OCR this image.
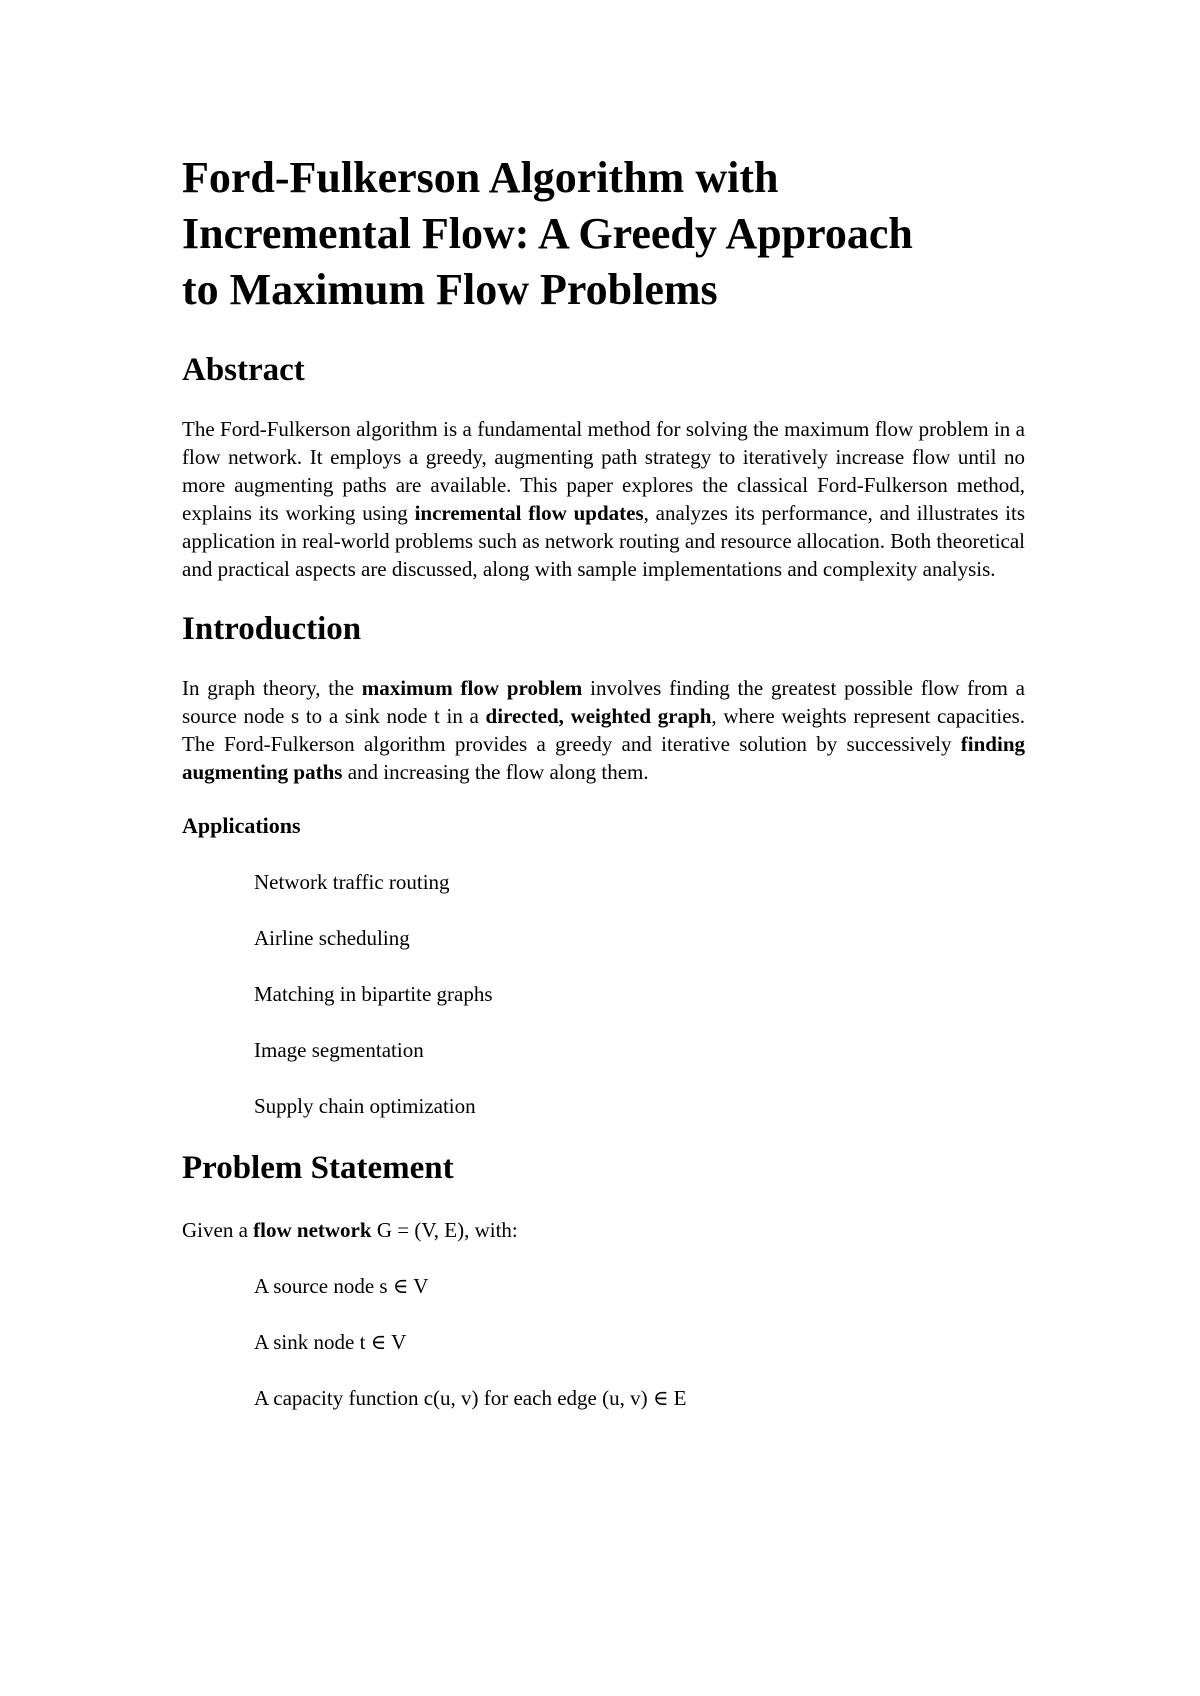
Ford-Fulkerson Algorithm with
Incremental Flow: A Greedy Approach
to Maximum Flow Problems
Abstract

The Ford-Fulkerson algorithm is a fundamental method for solving the maximum flow problem in a flow network. It employs a greedy, augmenting path strategy to iteratively increase flow until no more augmenting paths are available. This paper explores the classical Ford-Fulkerson method, explains its working using incremental flow updates, analyzes its performance, and illustrates its application in real-world problems such as network routing and resource allocation. Both theoretical and practical aspects are discussed, along with sample implementations and complexity analysis.

Introduction

In graph theory, the maximum flow problem involves finding the greatest possible flow from a source node s to a sink node t in a directed, weighted graph, where weights represent capacities. The Ford-Fulkerson algorithm provides a greedy and iterative solution by successively finding augmenting paths and increasing the flow along them.

Applications
Network traffic routing
Airline scheduling
Matching in bipartite graphs
Image segmentation
Supply chain optimization
Problem Statement

Given a flow network G = (V, E), with:

A source node s ∈ V
A sink node t ∈ V
A capacity function c(u, v) for each edge (u, v) ∈ E
